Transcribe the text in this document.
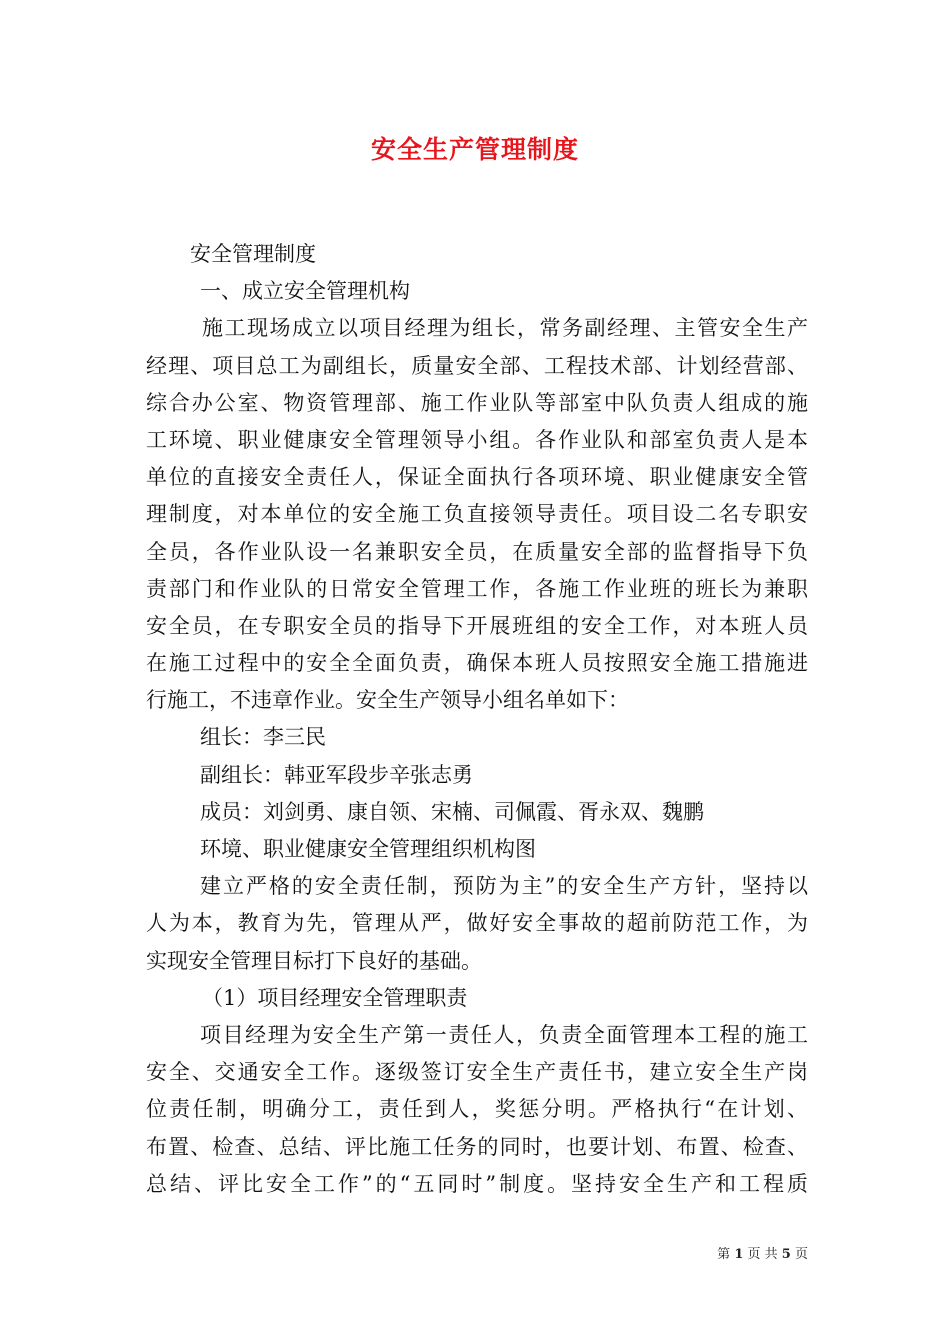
安全生产管理制度
安全管理制度
一、成立安全管理机构
施工现场成立以项目经理为组长，常务副经理、主管安全生产
经理、项目总工为副组长，质量安全部、工程技术部、计划经营部、
综合办公室、物资管理部、施工作业队等部室中队负责人组成的施
工环境、职业健康安全管理领导小组。各作业队和部室负责人是本
单位的直接安全责任人，保证全面执行各项环境、职业健康安全管
理制度，对本单位的安全施工负直接领导责任。项目设二名专职安
全员，各作业队设一名兼职安全员，在质量安全部的监督指导下负
责部门和作业队的日常安全管理工作，各施工作业班的班长为兼职
安全员，在专职安全员的指导下开展班组的安全工作，对本班人员
在施工过程中的安全全面负责，确保本班人员按照安全施工措施进
行施工，不违章作业。安全生产领导小组名单如下：
组长：李三民
副组长：韩亚军段步辛张志勇
成员：刘剑勇、康自领、宋楠、司佩霞、胥永双、魏鹏
环境、职业健康安全管理组织机构图
建立严格的安全责任制，预防为主”的安全生产方针，坚持以
人为本，教育为先，管理从严，做好安全事故的超前防范工作，为
实现安全管理目标打下良好的基础。
（1）项目经理安全管理职责
项目经理为安全生产第一责任人，负责全面管理本工程的施工
安全、交通安全工作。逐级签订安全生产责任书，建立安全生产岗
位责任制，明确分工，责任到人，奖惩分明。严格执行“在计划、
布置、检查、总结、评比施工任务的同时，也要计划、布置、检查、
总结、评比安全工作”的“五同时”制度。坚持安全生产和工程质
第 1 页 共 5 页
